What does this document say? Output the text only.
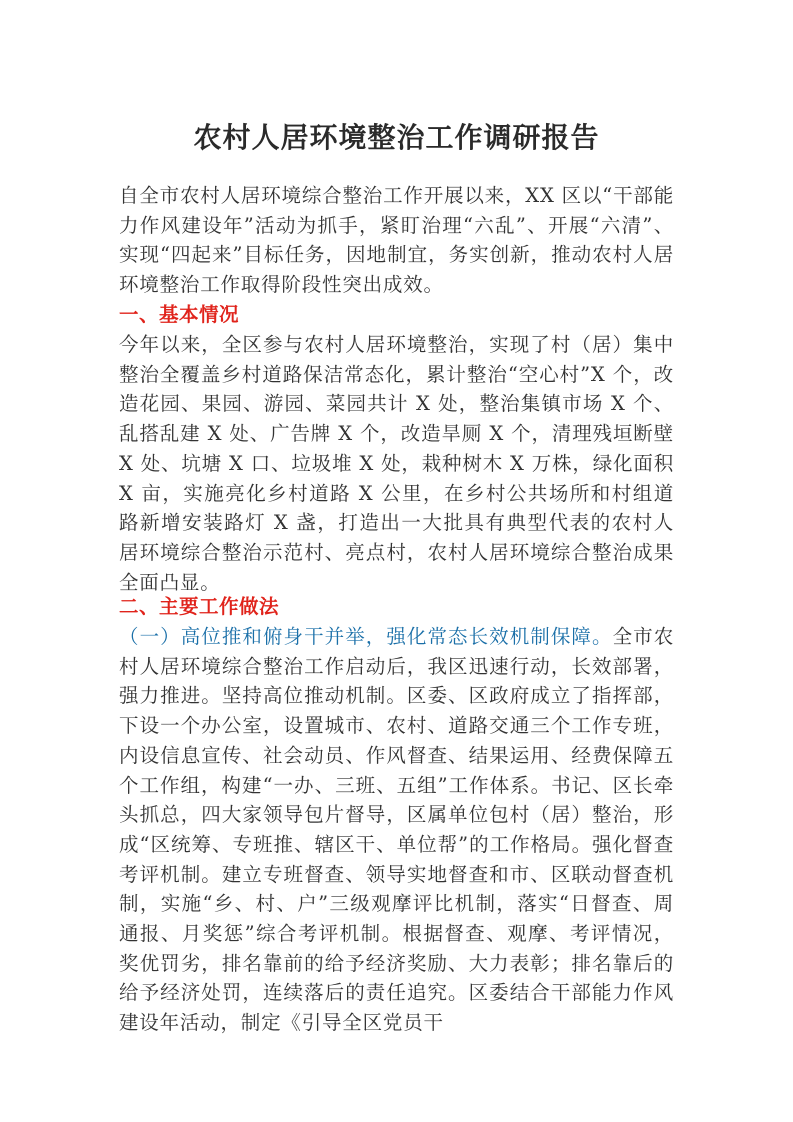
农村人居环境整治工作调研报告
自全市农村人居环境综合整治工作开展以来，XX 区以“干部能力作风建设年”活动为抓手，紧盯治理“六乱”、开展“六清”、实现“四起来”目标任务，因地制宜，务实创新，推动农村人居环境整治工作取得阶段性突出成效。
一、基本情况
今年以来，全区参与农村人居环境整治，实现了村（居）集中整治全覆盖乡村道路保洁常态化，累计整治“空心村”X 个，改造花园、果园、游园、菜园共计 X 处，整治集镇市场 X 个、乱搭乱建 X 处、广告牌 X 个，改造旱厕 X 个，清理残垣断壁 X 处、坑塘 X 口、垃圾堆 X 处，栽种树木 X 万株，绿化面积 X 亩，实施亮化乡村道路 X 公里，在乡村公共场所和村组道路新增安装路灯 X 盏，打造出一大批具有典型代表的农村人居环境综合整治示范村、亮点村，农村人居环境综合整治成果全面凸显。
二、主要工作做法
（一）高位推和俯身干并举，强化常态长效机制保障。全市农村人居环境综合整治工作启动后，我区迅速行动，长效部署，强力推进。坚持高位推动机制。区委、区政府成立了指挥部，下设一个办公室，设置城市、农村、道路交通三个工作专班，内设信息宣传、社会动员、作风督查、结果运用、经费保障五个工作组，构建“一办、三班、五组”工作体系。书记、区长牵头抓总，四大家领导包片督导，区属单位包村（居）整治，形成“区统筹、专班推、辖区干、单位帮”的工作格局。强化督查考评机制。建立专班督查、领导实地督查和市、区联动督查机制，实施“乡、村、户”三级观摩评比机制，落实“日督查、周通报、月奖惩”综合考评机制。根据督查、观摩、考评情况，奖优罚劣，排名靠前的给予经济奖励、大力表彰；排名靠后的给予经济处罚，连续落后的责任追究。区委结合干部能力作风建设年活动，制定《引导全区党员干
